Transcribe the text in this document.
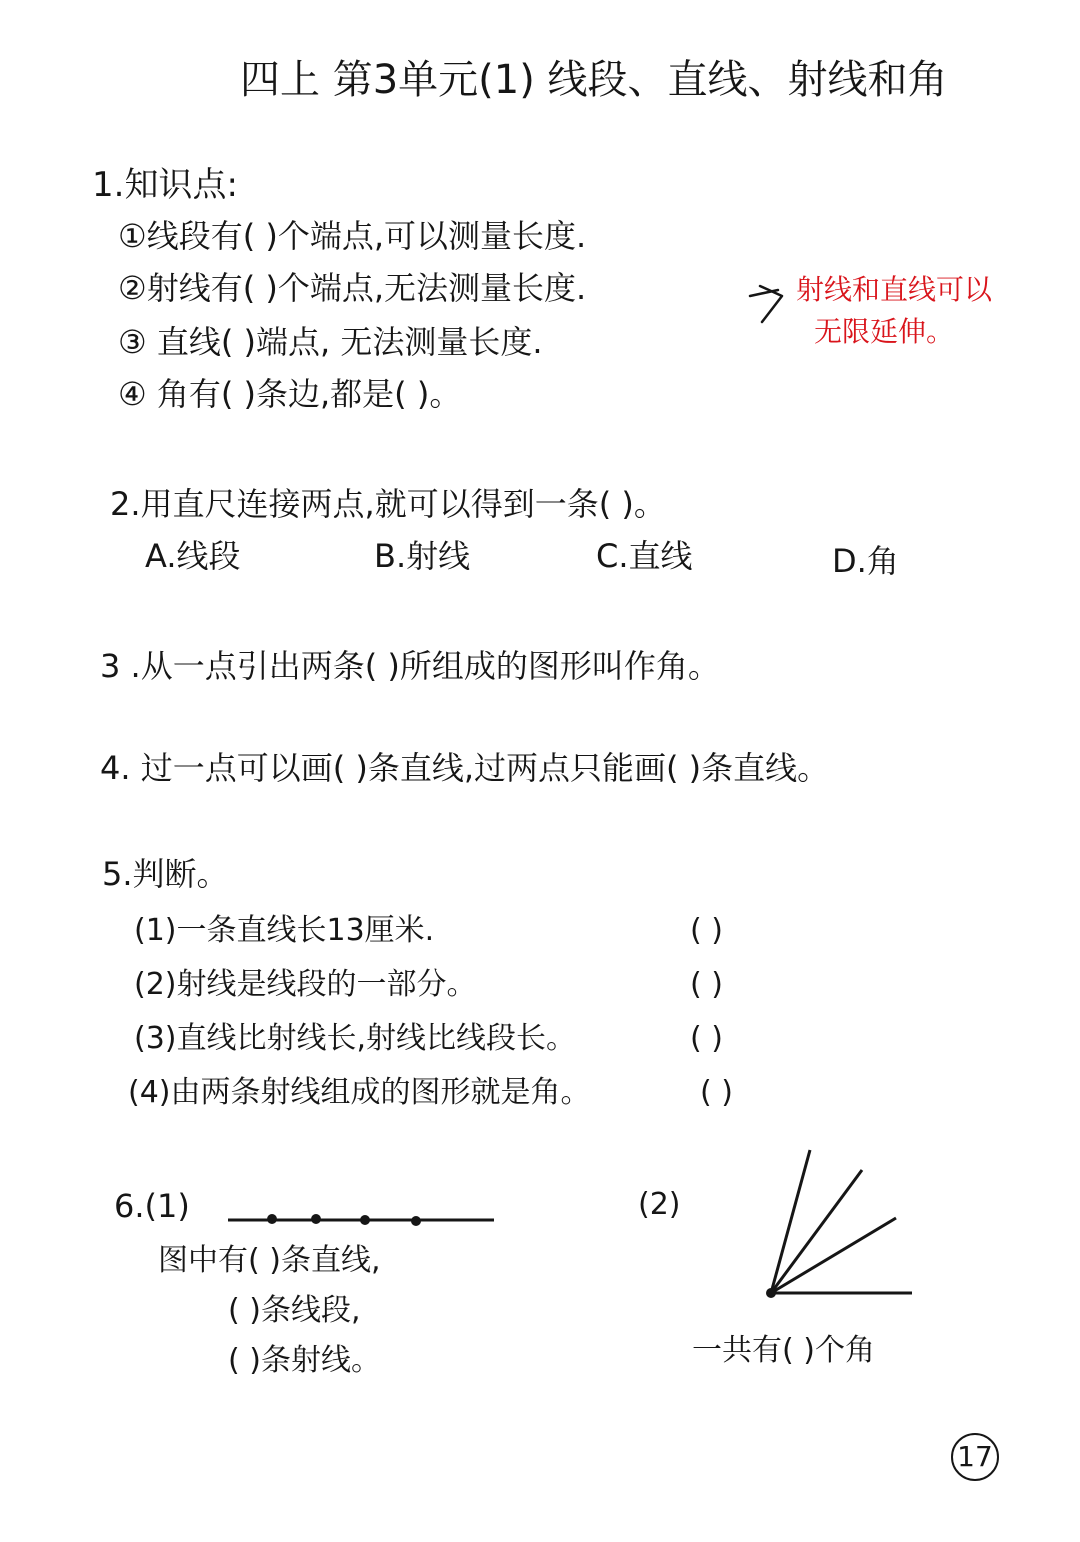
四上 第3单元(1) 线段、直线、射线和角
1.知识点:
①线段有( )个端点,可以测量长度.
②射线有( )个端点,无法测量长度.
③ 直线( )端点, 无法测量长度.
④ 角有( )条边,都是( )。
射线和直线可以
无限延伸。
2.用直尺连接两点,就可以得到一条( )。
A.线段	B.射线	C.直线	D.角
3 .从一点引出两条( )所组成的图形叫作角。
4. 过一点可以画( )条直线,过两点只能画( )条直线。
5.判断。
(1)一条直线长13厘米.	( )
(2)射线是线段的一部分。	( )
(3)直线比射线长,射线比线段长。	( )
(4)由两条射线组成的图形就是角。	( )
6.(1)
图中有( )条直线,
( )条线段,
( )条射线。
(2)
一共有( )个角
17
